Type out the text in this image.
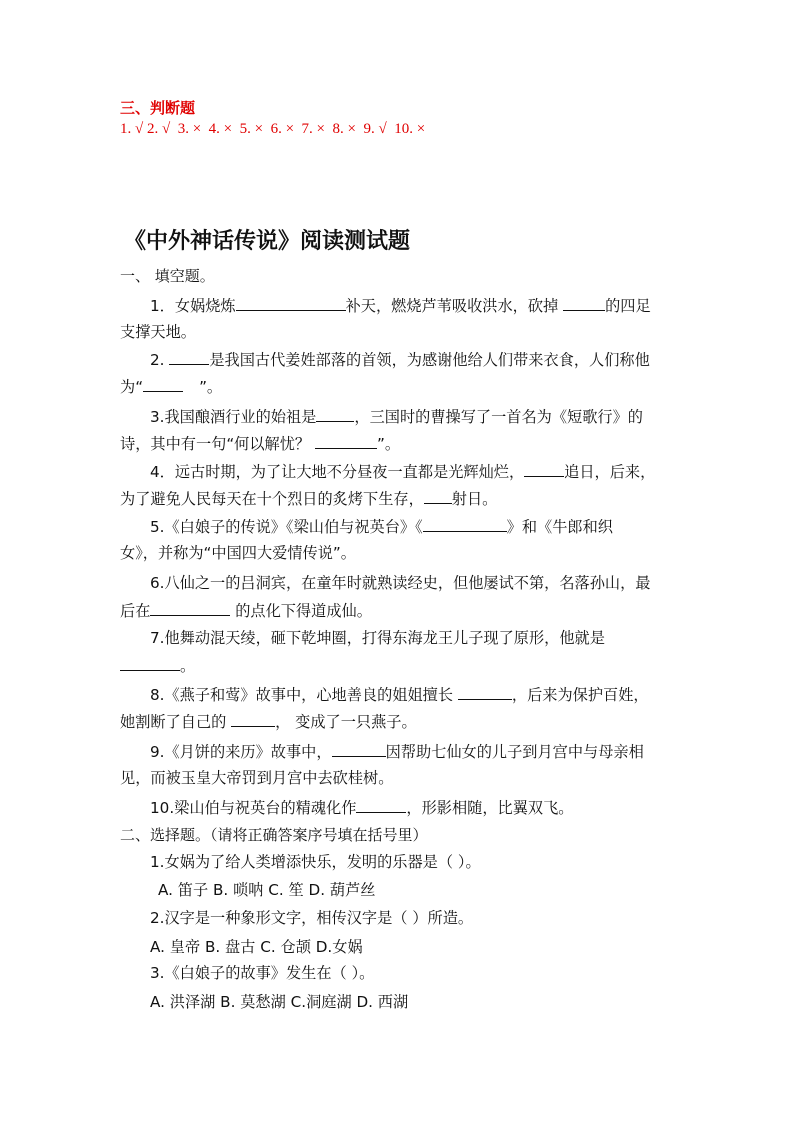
三、判断题
1. √ 2. √  3. ×  4. ×  5. ×  6. ×  7. ×  8. ×  9. √  10. ×
《中外神话传说》阅读测试题
一、 填空题。
1．女娲烧炼	补天，燃烧芦苇吸收洪水，砍掉	的四足
支撑天地。
2.	是我国古代姜姓部落的首领，为感谢他给人们带来衣食，人们称他
为“	”。
3.我国酿酒行业的始祖是	，三国时的曹操写了一首名为《短歌行》的
诗，其中有一句“何以解忧？	”。
4．远古时期，为了让大地不分昼夜一直都是光辉灿烂，	追日，后来，
为了避免人民每天在十个烈日的炙烤下生存， 射日。
5.《白娘子的传说》《梁山伯与祝英台》《	》和《牛郎和织
女》，并称为“中国四大爱情传说”。
6.八仙之一的吕洞宾，在童年时就熟读经史，但他屡试不第，名落孙山，最
后在	的点化下得道成仙。
7.他舞动混天绫，砸下乾坤圈，打得东海龙王儿子现了原形，他就是
。
8.《燕子和莺》故事中，心地善良的姐姐擅长	，后来为保护百姓，
她割断了自己的	， 变成了一只燕子。
9.《月饼的来历》故事中，	因帮助七仙女的儿子到月宫中与母亲相
见，而被玉皇大帝罚到月宫中去砍桂树。
10.梁山伯与祝英台的精魂化作	，形影相随，比翼双飞。
二、选择题。（请将正确答案序号填在括号里）
1.女娲为了给人类增添快乐，发明的乐器是（ ）。
A. 笛子 B. 唢呐 C. 笙 D. 葫芦丝
2.汉字是一种象形文字，相传汉字是（ ）所造。
A. 皇帝 B. 盘古 C. 仓颉 D.女娲
3.《白娘子的故事》发生在（ ）。
A. 洪泽湖 B. 莫愁湖 C.洞庭湖 D. 西湖
